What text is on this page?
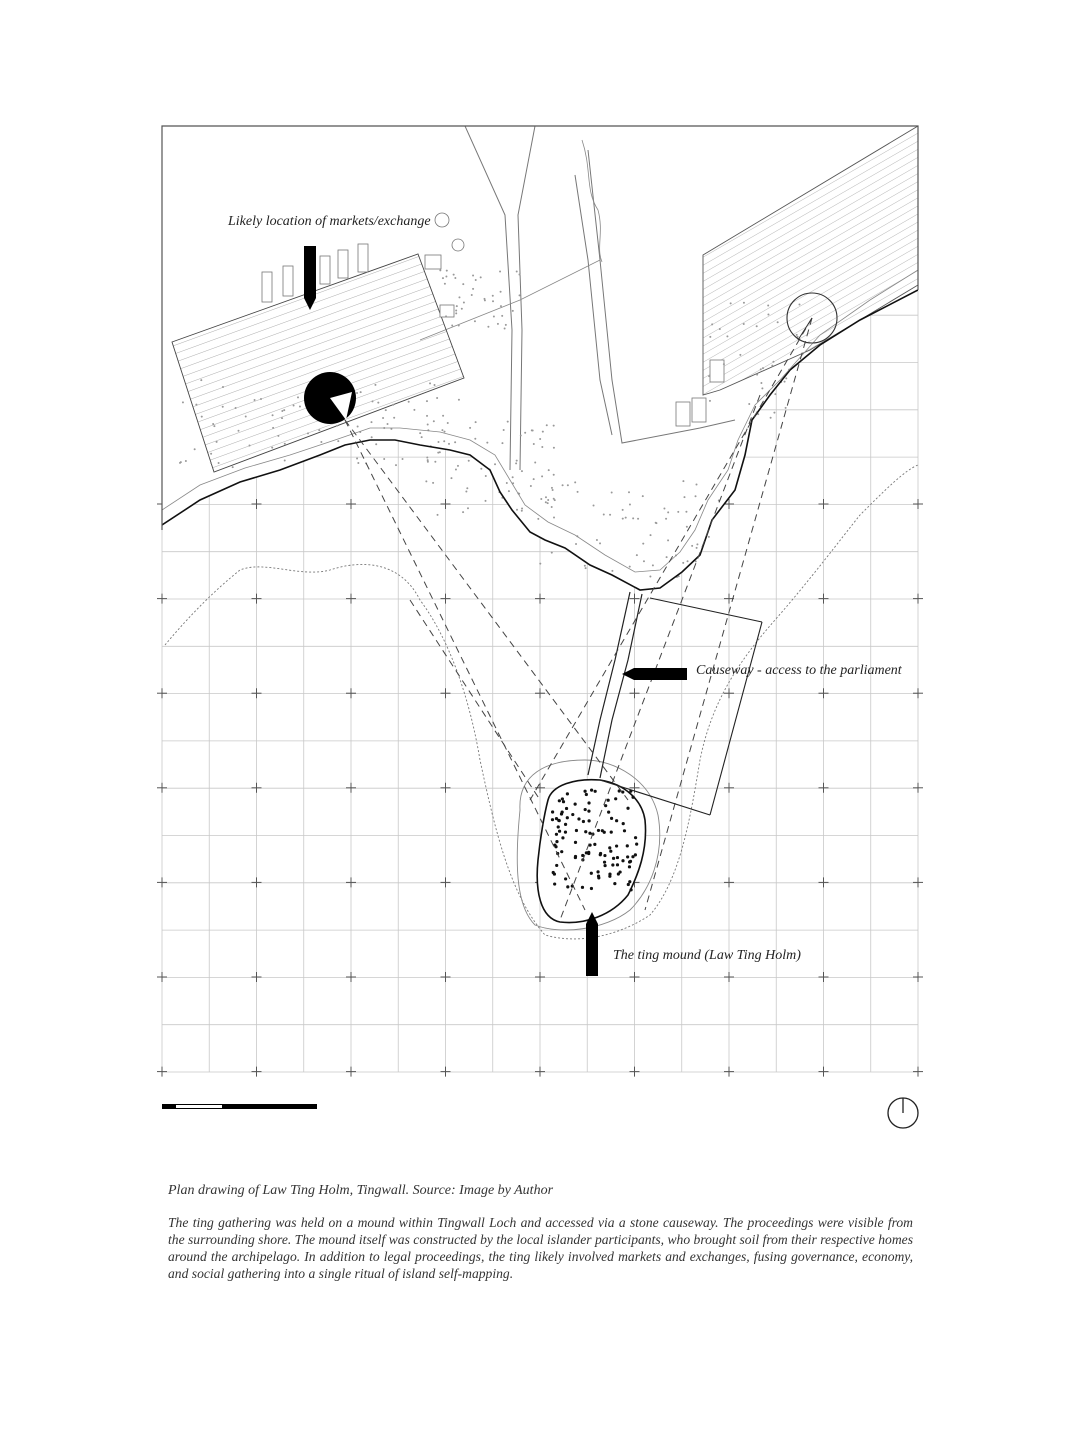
Likely location of markets/exchange
Causeway - access to the parliament
The ting mound (Law Ting Holm)
Plan drawing of Law Ting Holm, Tingwall. Source: Image by Author
The ting gathering was held on a mound within Tingwall Loch and accessed via a stone causeway. The proceedings were visible from the surrounding shore. The mound itself was constructed by the local islander participants, who brought soil from their respective homes around the archipelago. In addition to legal proceedings, the ting likely involved markets and exchanges, fusing governance, economy, and social gathering into a single ritual of island self-mapping.
